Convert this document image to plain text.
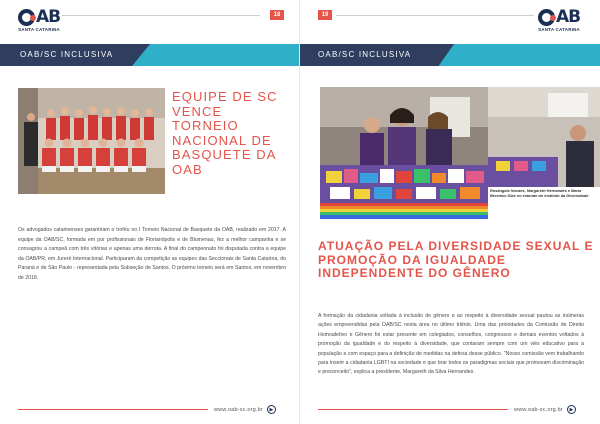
AB
SANTA CATARINA
18
OAB/SC INCLUSIVA
EQUIPE DE SC VENCE TORNEIO NACIONAL DE BASQUETE DA OAB

Os advogados catarinenses garantiram o troféu no I Torneio Nacional de Basquete da OAB, realizado em 2017. A equipe da OAB/SC, formada em por profissionais de Florianópolis e de Blumenau, fez a melhor campanha e se consagrou a campeã com três vitórias e apenas uma derrota. A final do campeonato foi disputada contra a equipe da OAB/PR, em Jureré Internacional. Participaram da competição as equipes das Seccionais de Santa Catarina, do Paraná e de São Paulo - representada pela Subseção de Santos. O próximo torneio será em Santos, em novembro de 2018.

www.oab-sc.org.br	▶
AB
SANTA CATARINA
19
OAB/SC INCLUSIVA
Rosângela Novaes, Margareth Hernandes e Maria Berenice Dias no estande do Instituto da Diversidade
ATUAÇÃO PELA DIVERSIDADE SEXUAL E PROMOÇÃO DA IGUALDADE INDEPENDENTE DO GÊNERO

A formação da cidadania voltada à inclusão de gênero e ao respeito à diversidade sexual pautou as inúmeras ações empreendidas pela OAB/SC nesta área no último triênio. Uma das prioridades da Comissão de Direito Homoafetivo e Gênero foi estar presente em colegiados, conselhos, congressos e demais eventos voltados à promoção da igualdade e do respeito à diversidade, que contaram sempre com um viés educativo para a população e com espaço para a definição de medidas na defesa desse público. "Nosso comissão vem trabalhando para inserir a cidadania LGBTI na sociedade e que brar todos os paradigmas sociais que promovam discriminação e preconceito", explica a presidente, Margareth da Silva Hernandes.

www.oab-sc.org.br	▶
